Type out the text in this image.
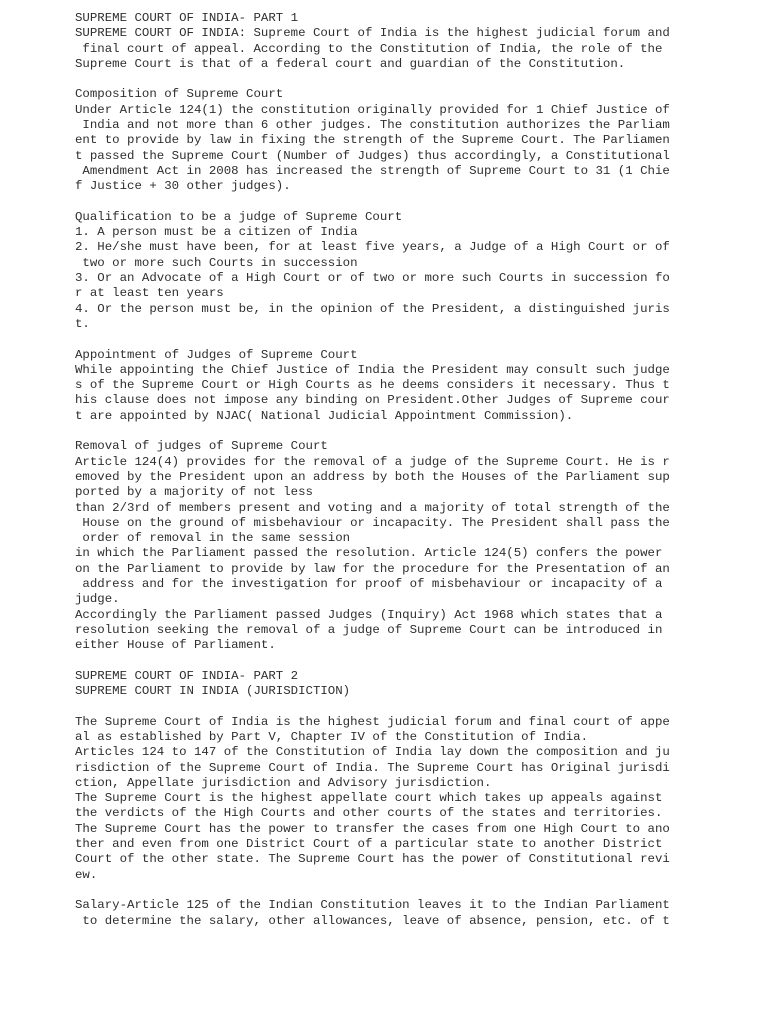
SUPREME COURT OF INDIA- PART 1
SUPREME COURT OF INDIA: Supreme Court of India is the highest judicial forum and
final court of appeal. According to the Constitution of India, the role of the
Supreme Court is that of a federal court and guardian of the Constitution.
Composition of Supreme Court
Under Article 124(1) the constitution originally provided for 1 Chief Justice of
India and not more than 6 other judges. The constitution authorizes the Parliam
ent to provide by law in fixing the strength of the Supreme Court. The Parliamen
t passed the Supreme Court (Number of Judges) thus accordingly, a Constitutional
Amendment Act in 2008 has increased the strength of Supreme Court to 31 (1 Chie
f Justice + 30 other judges).
Qualification to be a judge of Supreme Court
1. A person must be a citizen of India
2. He/she must have been, for at least five years, a Judge of a High Court or of
two or more such Courts in succession
3. Or an Advocate of a High Court or of two or more such Courts in succession fo
r at least ten years
4. Or the person must be, in the opinion of the President, a distinguished juris
t.
Appointment of Judges of Supreme Court
While appointing the Chief Justice of India the President may consult such judge
s of the Supreme Court or High Courts as he deems considers it necessary. Thus t
his clause does not impose any binding on President.Other Judges of Supreme cour
t are appointed by NJAC( National Judicial Appointment Commission).
Removal of judges of Supreme Court
Article 124(4) provides for the removal of a judge of the Supreme Court. He is r
emoved by the President upon an address by both the Houses of the Parliament sup
ported by a majority of not less
than 2/3rd of members present and voting and a majority of total strength of the
House on the ground of misbehaviour or incapacity. The President shall pass the
order of removal in the same session
in which the Parliament passed the resolution. Article 124(5) confers the power
on the Parliament to provide by law for the procedure for the Presentation of an
address and for the investigation for proof of misbehaviour or incapacity of a
judge.
Accordingly the Parliament passed Judges (Inquiry) Act 1968 which states that a
resolution seeking the removal of a judge of Supreme Court can be introduced in
either House of Parliament.
SUPREME COURT OF INDIA- PART 2
SUPREME COURT IN INDIA (JURISDICTION)
The Supreme Court of India is the highest judicial forum and final court of appe
al as established by Part V, Chapter IV of the Constitution of India.
Articles 124 to 147 of the Constitution of India lay down the composition and ju
risdiction of the Supreme Court of India. The Supreme Court has Original jurisdi
ction, Appellate jurisdiction and Advisory jurisdiction.
The Supreme Court is the highest appellate court which takes up appeals against
the verdicts of the High Courts and other courts of the states and territories.
The Supreme Court has the power to transfer the cases from one High Court to ano
ther and even from one District Court of a particular state to another District
Court of the other state. The Supreme Court has the power of Constitutional revi
ew.
Salary-Article 125 of the Indian Constitution leaves it to the Indian Parliament
to determine the salary, other allowances, leave of absence, pension, etc. of t
